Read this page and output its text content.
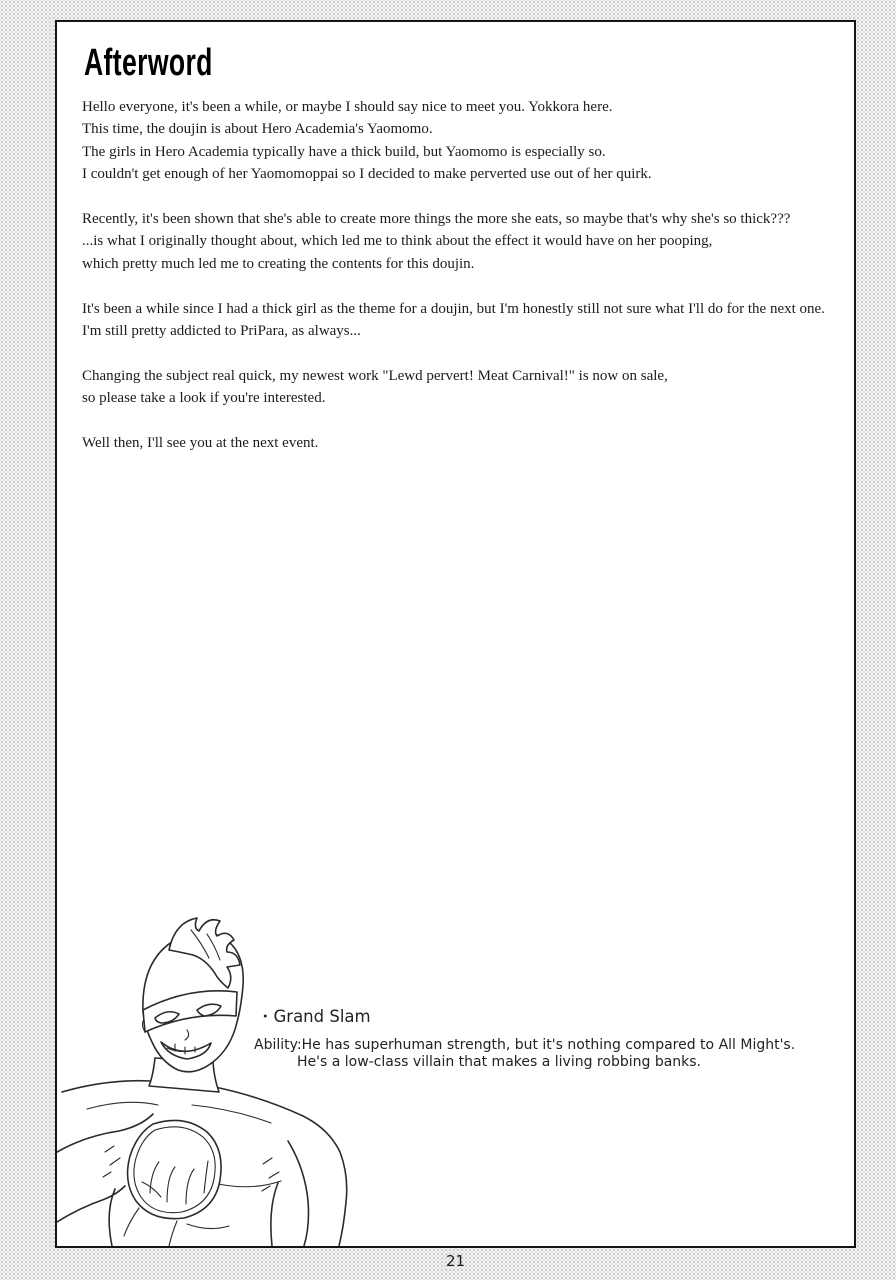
Afterword

Hello everyone, it's been a while, or maybe I should say nice to meet you. Yokkora here.
This time, the doujin is about Hero Academia's Yaomomo.
The girls in Hero Academia typically have a thick build, but Yaomomo is especially so.
I couldn't get enough of her Yaomomoppai so I decided to make perverted use out of her quirk.

Recently, it's been shown that she's able to create more things the more she eats, so maybe that's why she's so thick???
...is what I originally thought about, which led me to think about the effect it would have on her pooping,
which pretty much led me to creating the contents for this doujin.

It's been a while since I had a thick girl as the theme for a doujin, but I'm honestly still not sure what I'll do for the next one.
I'm still pretty addicted to PriPara, as always...

Changing the subject real quick, my newest work "Lewd pervert! Meat Carnival!" is now on sale,
so please take a look if you're interested.

Well then, I'll see you at the next event.

・Grand Slam
Ability:He has superhuman strength, but it's nothing compared to All Might's.
He's a low-class villain that makes a living robbing banks.
21
